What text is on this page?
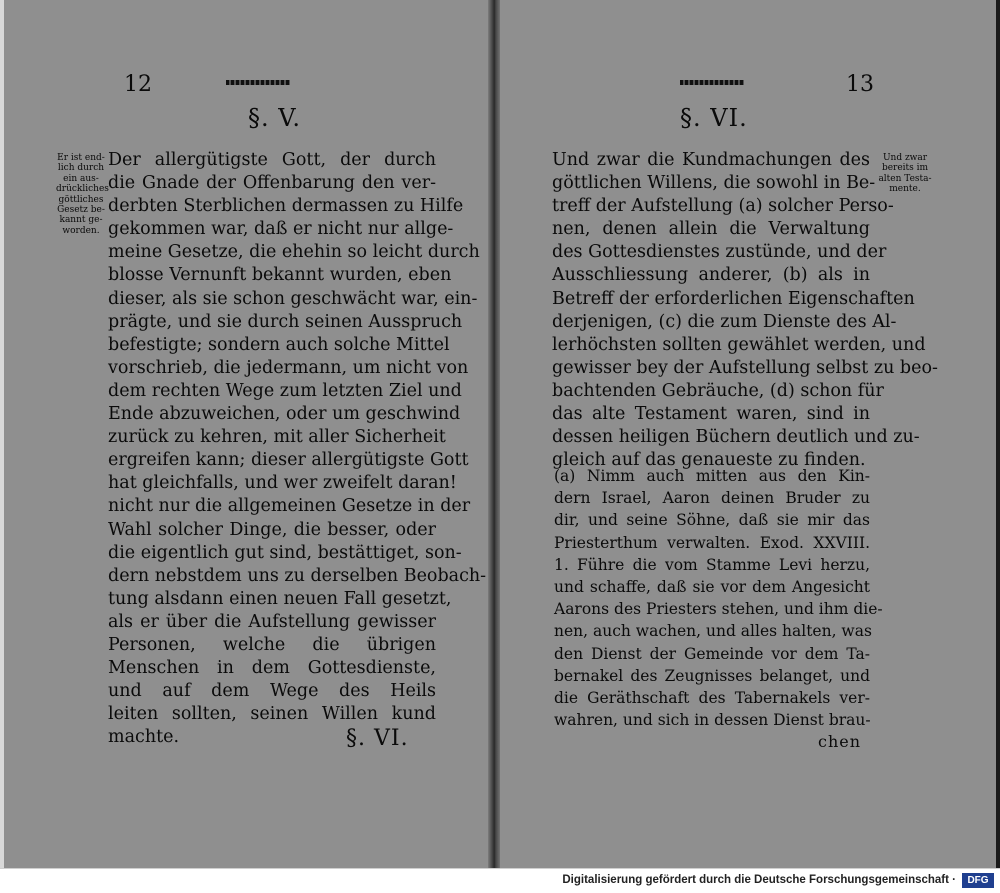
12
§. V.

Er ist end-
lich durch
ein aus-
drückliches
göttliches
Gesetz be-
kannt ge-
worden.

Der allergütigste Gott, der durch
die Gnade der Offenbarung den ver-
derbten Sterblichen dermassen zu Hilfe
gekommen war, daß er nicht nur allge-
meine Gesetze, die ehehin so leicht durch
blosse Vernunft bekannt wurden, eben
dieser, als sie schon geschwächt war, ein-
prägte, und sie durch seinen Ausspruch
befestigte; sondern auch solche Mittel
vorschrieb, die jedermann, um nicht von
dem rechten Wege zum letzten Ziel und
Ende abzuweichen, oder um geschwind
zurück zu kehren, mit aller Sicherheit
ergreifen kann; dieser allergütigste Gott
hat gleichfalls, und wer zweifelt daran!
nicht nur die allgemeinen Gesetze in der
Wahl solcher Dinge, die besser, oder
die eigentlich gut sind, bestättiget, son-
dern nebstdem uns zu derselben Beobach-
tung alsdann einen neuen Fall gesetzt,
als er über die Aufstellung gewisser
Personen, welche die übrigen
Menschen in dem Gottesdienste,
und auf dem Wege des Heils
leiten sollten, seinen Willen kund
machte.	§. VI.
13
§. VI.

Und zwar
bereits im
alten Testa-
mente.

Und zwar die Kundmachungen des
göttlichen Willens, die sowohl in Be-
treff der Aufstellung (a) solcher Perso-
nen, denen allein die Verwaltung
des Gottesdienstes zustünde, und der
Ausschliessung anderer, (b) als in
Betreff der erforderlichen Eigenschaften
derjenigen, (c) die zum Dienste des Al-
lerhöchsten sollten gewählet werden, und
gewisser bey der Aufstellung selbst zu beo-
bachtenden Gebräuche, (d) schon für
das alte Testament waren, sind in
dessen heiligen Büchern deutlich und zu-
gleich auf das genaueste zu finden.

(a) Nimm auch mitten aus den Kin-
dern Israel, Aaron deinen Bruder zu
dir, und seine Söhne, daß sie mir das
Priesterthum verwalten. Exod. XXVIII.
1. Führe die vom Stamme Levi herzu,
und schaffe, daß sie vor dem Angesicht
Aarons des Priesters stehen, und ihm die-
nen, auch wachen, und alles halten, was
den Dienst der Gemeinde vor dem Ta-
bernakel des Zeugnisses belanget, und
die Geräthschaft des Tabernakels ver-
wahren, und sich in dessen Dienst brau-

chen
Digitalisierung gefördert durch die Deutsche Forschungsgemeinschaft ·	DFG
